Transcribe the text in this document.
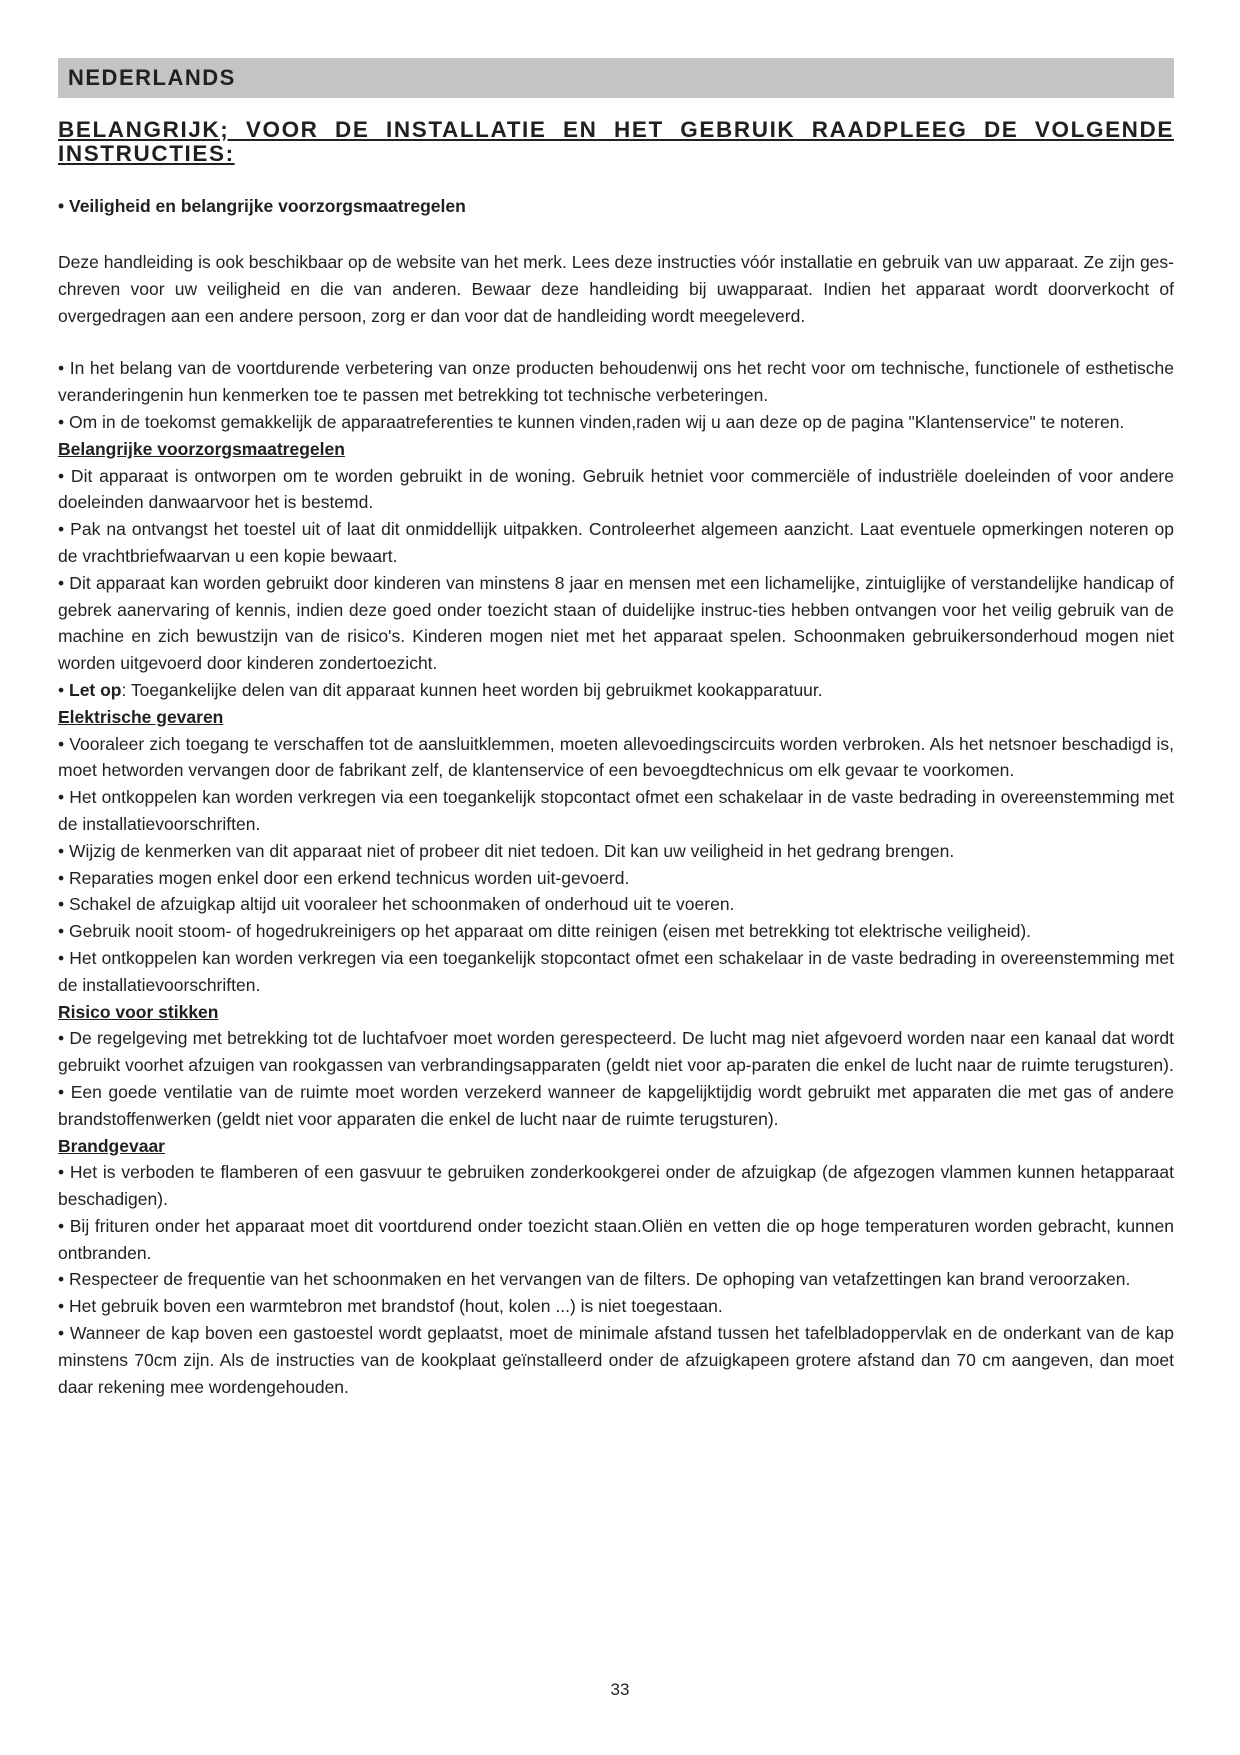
NEDERLANDS
BELANGRIJK; VOOR DE INSTALLATIE EN HET GEBRUIK RAADPLEEG DE VOLGENDE INSTRUCTIES:
• Veiligheid en belangrijke voorzorgsmaatregelen
Deze handleiding is ook beschikbaar op de website van het merk. Lees deze instructies vóór installatie en gebruik van uw apparaat. Ze zijn ges-chreven voor uw veiligheid en die van anderen. Bewaar deze handleiding bij uwapparaat. Indien het apparaat wordt doorverkocht of overgedragen aan een andere persoon, zorg er dan voor dat de handleiding wordt meegeleverd.

• In het belang van de voortdurende verbetering van onze producten behoudenwij ons het recht voor om technische, functionele of esthetische veranderingenin hun kenmerken toe te passen met betrekking tot technische verbeteringen.

• Om in de toekomst gemakkelijk de apparaatreferenties te kunnen vinden,raden wij u aan deze op de pagina "Klantenservice" te noteren.

Belangrijke voorzorgsmaatregelen

• Dit apparaat is ontworpen om te worden gebruikt in de woning. Gebruik hetniet voor commerciële of industriële doeleinden of voor andere doeleinden danwaarvoor het is bestemd.

• Pak na ontvangst het toestel uit of laat dit onmiddellijk uitpakken. Controleerhet algemeen aanzicht. Laat eventuele opmerkingen noteren op de vrachtbriefwaarvan u een kopie bewaart.

• Dit apparaat kan worden gebruikt door kinderen van minstens 8 jaar en mensen met een lichamelijke, zintuiglijke of verstandelijke handicap of gebrek aanervaring of kennis, indien deze goed onder toezicht staan of duidelijke instruc-ties hebben ontvangen voor het veilig gebruik van de machine en zich bewustzijn van de risico's. Kinderen mogen niet met het apparaat spelen. Schoonmaken gebruikersonderhoud mogen niet worden uitgevoerd door kinderen zondertoezicht.

• Let op: Toegankelijke delen van dit apparaat kunnen heet worden bij gebruikmet kookapparatuur.

Elektrische gevaren

• Vooraleer zich toegang te verschaffen tot de aansluitklemmen, moeten allevoedingscircuits worden verbroken. Als het netsnoer beschadigd is, moet hetworden vervangen door de fabrikant zelf, de klantenservice of een bevoegdtechnicus om elk gevaar te voorkomen.

• Het ontkoppelen kan worden verkregen via een toegankelijk stopcontact ofmet een schakelaar in de vaste bedrading in overeenstemming met de installatievoorschriften.

• Wijzig de kenmerken van dit apparaat niet of probeer dit niet tedoen. Dit kan uw veiligheid in het gedrang brengen.

• Reparaties mogen enkel door een erkend technicus worden uit-gevoerd.

• Schakel de afzuigkap altijd uit vooraleer het schoonmaken of onderhoud uit te voeren.

• Gebruik nooit stoom- of hogedrukreinigers op het apparaat om ditte reinigen (eisen met betrekking tot elektrische veiligheid).

• Het ontkoppelen kan worden verkregen via een toegankelijk stopcontact ofmet een schakelaar in de vaste bedrading in overeenstemming met de installatievoorschriften.

Risico voor stikken

• De regelgeving met betrekking tot de luchtafvoer moet worden gerespecteerd. De lucht mag niet afgevoerd worden naar een kanaal dat wordt gebruikt voorhet afzuigen van rookgassen van verbrandingsapparaten (geldt niet voor ap-paraten die enkel de lucht naar de ruimte terugsturen).

• Een goede ventilatie van de ruimte moet worden verzekerd wanneer de kapgelijktijdig wordt gebruikt met apparaten die met gas of andere brandstoffenwerken (geldt niet voor apparaten die enkel de lucht naar de ruimte terugsturen).

Brandgevaar

• Het is verboden te flamberen of een gasvuur te gebruiken zonderkookgerei onder de afzuigkap (de afgezogen vlammen kunnen hetapparaat beschadigen).

• Bij frituren onder het apparaat moet dit voortdurend onder toezicht staan.Oliën en vetten die op hoge temperaturen worden gebracht, kunnen ontbranden.

• Respecteer de frequentie van het schoonmaken en het vervangen van de filters. De ophoping van vetafzettingen kan brand veroorzaken.

• Het gebruik boven een warmtebron met brandstof (hout, kolen ...) is niet toegestaan.

• Wanneer de kap boven een gastoestel wordt geplaatst, moet de minimale afstand tussen het tafelbladoppervlak en de onderkant van de kap minstens 70cm zijn. Als de instructies van de kookplaat geïnstalleerd onder de afzuigkapeen grotere afstand dan 70 cm aangeven, dan moet daar rekening mee wordengehouden.

33
